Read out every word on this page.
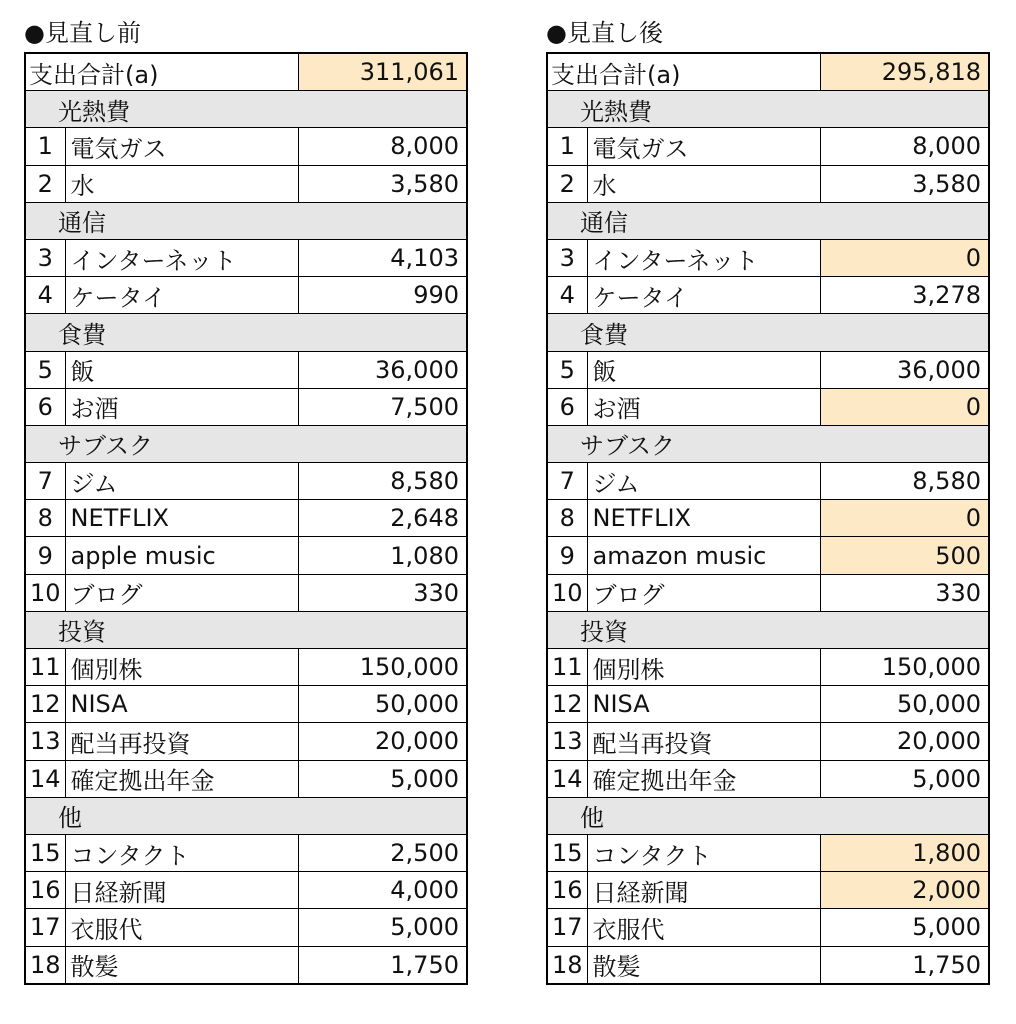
●見直し前
支出合計(a)		311,061
光熱費		
1	電気ガス	8,000
2	水	3,580
通信		
3	インターネット	4,103
4	ケータイ	990
食費		
5	飯	36,000
6	お酒	7,500
サブスク		
7	ジム	8,580
8	NETFLIX	2,648
9	apple music	1,080
10	ブログ	330
投資		
11	個別株	150,000
12	NISA	50,000
13	配当再投資	20,000
14	確定拠出年金	5,000
他		
15	コンタクト	2,500
16	日経新聞	4,000
17	衣服代	5,000
18	散髪	1,750
●見直し後
支出合計(a)		295,818
光熱費		
1	電気ガス	8,000
2	水	3,580
通信		
3	インターネット	0
4	ケータイ	3,278
食費		
5	飯	36,000
6	お酒	0
サブスク		
7	ジム	8,580
8	NETFLIX	0
9	amazon music	500
10	ブログ	330
投資		
11	個別株	150,000
12	NISA	50,000
13	配当再投資	20,000
14	確定拠出年金	5,000
他		
15	コンタクト	1,800
16	日経新聞	2,000
17	衣服代	5,000
18	散髪	1,750
